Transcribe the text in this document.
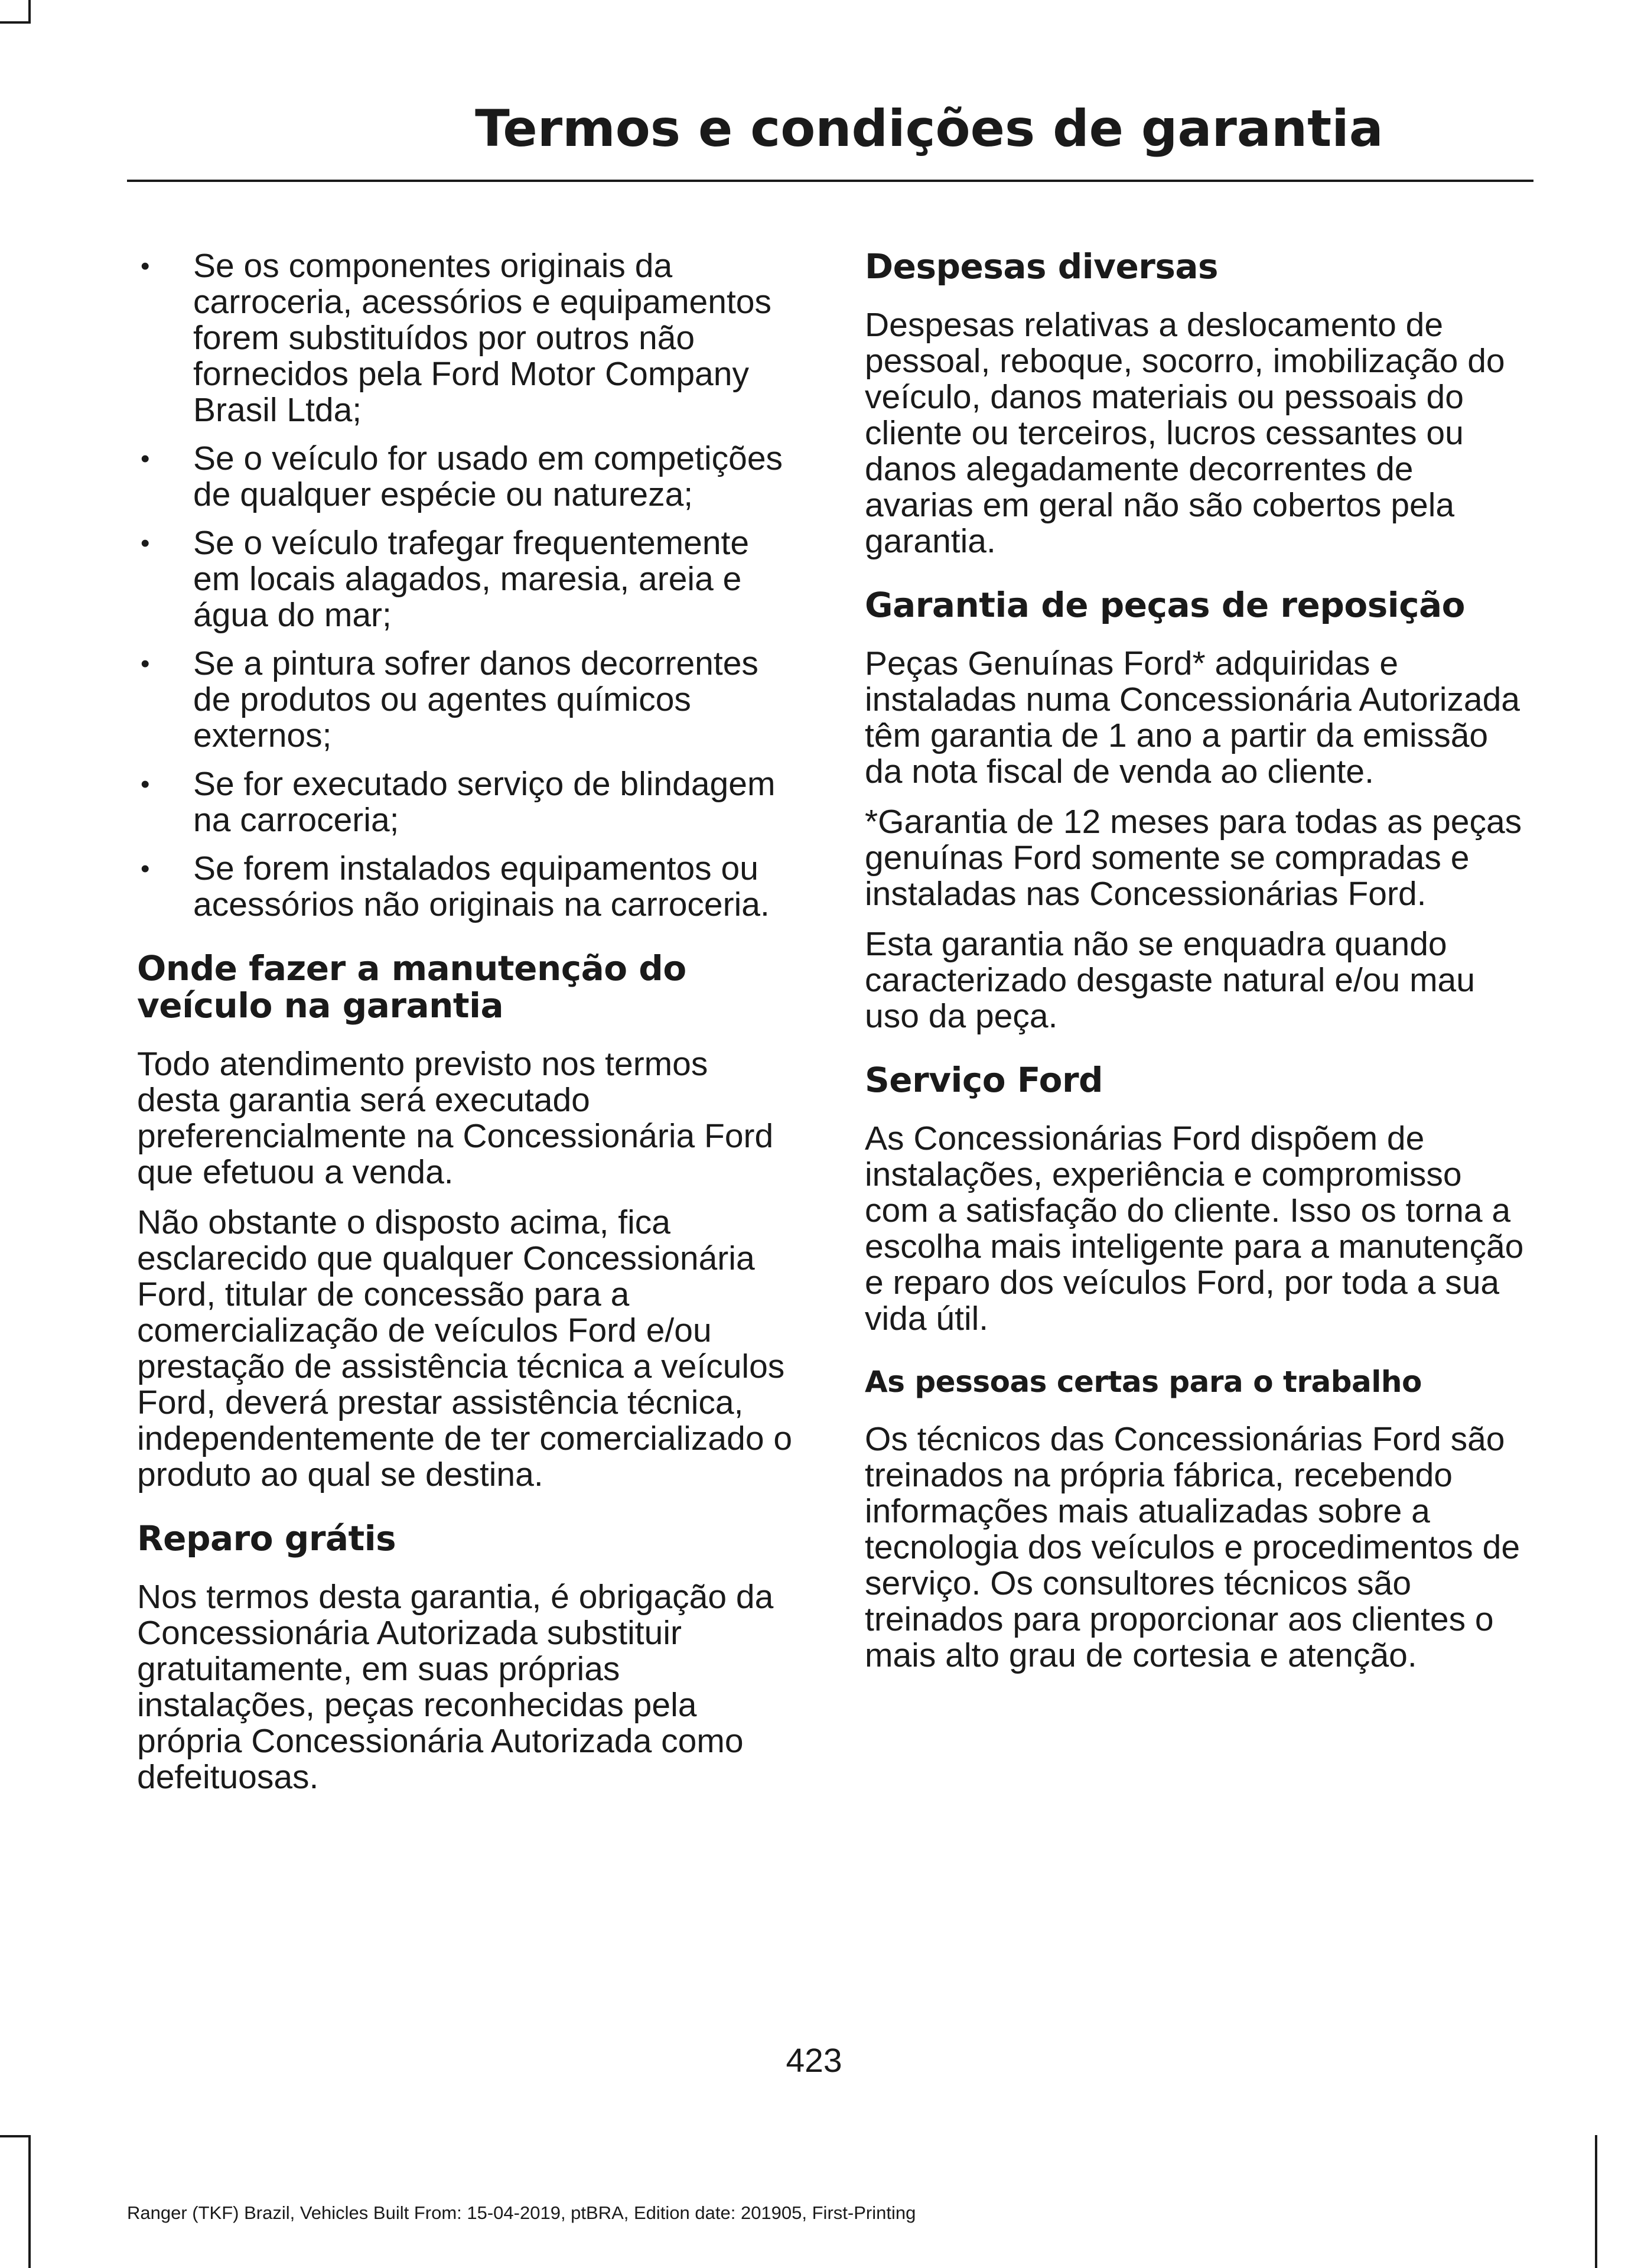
Termos e condições de garantia
• Se os componentes originais da carroceria, acessórios e equipamentos forem substituídos por outros não fornecidos pela Ford Motor Company Brasil Ltda;
• Se o veículo for usado em competições de qualquer espécie ou natureza;
• Se o veículo trafegar frequentemente em locais alagados, maresia, areia e água do mar;
• Se a pintura sofrer danos decorrentes de produtos ou agentes químicos externos;
• Se for executado serviço de blindagem na carroceria;
• Se forem instalados equipamentos ou acessórios não originais na carroceria.
Onde fazer a manutenção do veículo na garantia

Todo atendimento previsto nos termos desta garantia será executado preferencialmente na Concessionária Ford que efetuou a venda.

Não obstante o disposto acima, fica esclarecido que qualquer Concessionária Ford, titular de concessão para a comercialização de veículos Ford e/ou prestação de assistência técnica a veículos Ford, deverá prestar assistência técnica, independentemente de ter comercializado o produto ao qual se destina.

Reparo grátis

Nos termos desta garantia, é obrigação da Concessionária Autorizada substituir gratuitamente, em suas próprias instalações, peças reconhecidas pela própria Concessionária Autorizada como defeituosas.

Despesas diversas

Despesas relativas a deslocamento de pessoal, reboque, socorro, imobilização do veículo, danos materiais ou pessoais do cliente ou terceiros, lucros cessantes ou danos alegadamente decorrentes de avarias em geral não são cobertos pela garantia.

Garantia de peças de reposição

Peças Genuínas Ford* adquiridas e instaladas numa Concessionária Autorizada têm garantia de 1 ano a partir da emissão da nota fiscal de venda ao cliente.

*Garantia de 12 meses para todas as peças genuínas Ford somente se compradas e instaladas nas Concessionárias Ford.

Esta garantia não se enquadra quando caracterizado desgaste natural e/ou mau uso da peça.

Serviço Ford

As Concessionárias Ford dispõem de instalações, experiência e compromisso com a satisfação do cliente. Isso os torna a escolha mais inteligente para a manutenção e reparo dos veículos Ford, por toda a sua vida útil.

As pessoas certas para o trabalho

Os técnicos das Concessionárias Ford são treinados na própria fábrica, recebendo informações mais atualizadas sobre a tecnologia dos veículos e procedimentos de serviço. Os consultores técnicos são treinados para proporcionar aos clientes o mais alto grau de cortesia e atenção.

423
Ranger (TKF) Brazil, Vehicles Built From: 15-04-2019, ptBRA, Edition date: 201905, First-Printing
